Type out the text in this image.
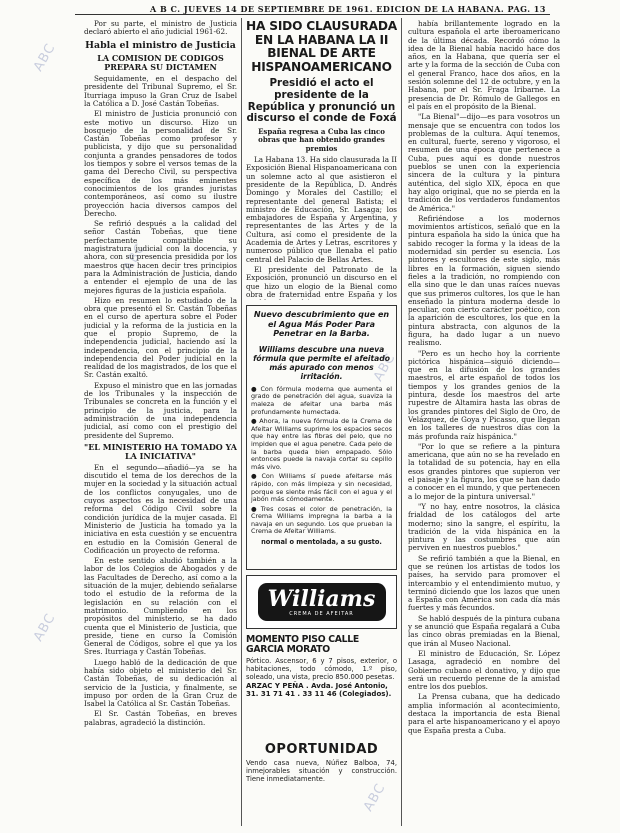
ABC
ABC
ABC
ABC
ABC
A B C. JUEVES 14 DE SEPTIEMBRE DE 1961. EDICION DE LA HABANA. PAG. 13

Por su parte, el ministro de Justicia declaró abierto el año judicial 1961-62.

Habla el ministro de Justicia
LA COMISION DE CODIGOS PREPARA SU DICTAMEN

Seguidamente, en el despacho del presidente del Tribunal Supremo, el Sr. Iturriaga impuso la Gran Cruz de Isabel la Católica a D. José Castán Tobeñas.

El ministro de Justicia pronunció con este motivo un discurso. Hizo un bosquejo de la personalidad de Sr. Castán Tobeñas como profesor y publicista, y dijo que su personalidad conjunta a grandes pensadores de todos los tiempos y sobre el versos temas de la gama del Derecho Civil, su perspectiva específica de los más eminentes conocimientos de los grandes juristas contemporáneos, así como su ilustre proyección hacia diversos campos del Derecho.

Se refirió después a la calidad del señor Castán Tobeñas, que tiene perfectamente compatible su magistratura judicial con la docencia, y ahora, con su presencia presidida por los maestros que hacen decir tres principios para la Administración de Justicia, dando a entender el ejemplo de una de las mejores figuras de la justicia española.

Hizo en resumen lo estudiado de la obra que presentó el Sr. Castán Tobeñas en el curso de apertura sobre el Poder judicial y la reforma de la justicia en la que el propio Supremo, de la independencia judicial, haciendo así la independencia, con el principio de la independencia del Poder judicial en la realidad de los magistrados, de los que el Sr. Castán exaltó.

Expuso el ministro que en las jornadas de los Tribunales y la inspección de Tribunales se concreta en la función y el principio de la justicia, para la administración de una independencia judicial, así como con el prestigio del presidente del Supremo.

"EL MINISTERIO HA TOMADO YA LA INICIATIVA"

En el segundo—añadió—ya se ha discutido el tema de los derechos de la mujer en la sociedad y la situación actual de los conflictos conyugales, uno de cuyos aspectos es la necesidad de una reforma del Código Civil sobre la condición jurídica de la mujer casada. El Ministerio de Justicia ha tomado ya la iniciativa en esta cuestión y se encuentra en estudio en la Comisión General de Codificación un proyecto de reforma.

En este sentido aludió también a la labor de los Colegios de Abogados y de las Facultades de Derecho, así como a la situación de la mujer, debiendo señalarse todo el estudio de la reforma de la legislación en su relación con el matrimonio. Cumpliendo en los propósitos del ministerio, se ha dado cuenta que el Ministerio de Justicia, que preside, tiene en curso la Comisión General de Códigos, sobre el que ya los Sres. Iturriaga y Castán Tobeñas.

Luego habló de la dedicación de que había sido objeto el ministerio del Sr. Castán Tobeñas, de su dedicación al servicio de la Justicia, y finalmente, se impuso por orden de la Gran Cruz de Isabel la Católica al Sr. Castán Tobeñas.

El Sr. Castán Tobeñas, en breves palabras, agradeció la distinción.

HA SIDO CLAUSURADA EN LA HABANA LA II BIENAL DE ARTE HISPANOAMERICANO
Presidió el acto el presidente de la República y pronunció un discurso el conde de Foxá
España regresa a Cuba las cinco obras que han obtenido grandes premios

La Habana 13. Ha sido clausurada la II Exposición Bienal Hispanoamericana con un solemne acto al que asistieron el presidente de la República, D. Andrés Domingo y Morales del Castillo; el representante del general Batista; el ministro de Educación, Sr. Lasaga; los embajadores de España y Argentina, y representantes de las Artes y de la Cultura, así como el presidente de la Academia de Artes y Letras, escritores y numeroso público que llenaba el patio central del Palacio de Bellas Artes.

El presidente del Patronato de la Exposición, pronunció un discurso en el que hizo un elogio de la Bienal como obra de fraternidad entre España y los

Nuevo descubrimiento que en el Agua Más Poder Para Penetrar en la Barba.
Williams descubre una nueva fórmula que permite el afeitado más apurado con menos irritación.
● Con fórmula moderna que aumenta el grado de penetración del agua, suaviza la maleza de afeitar una barba más profundamente humectada.
● Ahora, la nueva fórmula de la Crema de Afeitar Williams suprime los espacios secos que hay entre las fibras del pelo, que no impiden que el agua penetre. Cada pelo de la barba queda bien empapado. Sólo entonces puede la navaja cortar su cepillo más vivo.
● Con Williams sí puede afeitarse más rápido, con más limpieza y sin necesidad, porque se siente más fácil con el agua y el jabón más cómodamente.
● Tres cosas el color de penetración, la Crema Williams impregna la barba a la navaja en un segundo. Los que prueban la Crema de Afeitar Williams.
normal o mentolada, a su gusto.
Williams
CREMA DE AFEITAR
MOMENTO PISO CALLE GARCIA MORATO
Pórtico. Ascensor, 6 y 7 pisos, exterior, o habitaciones, todo cómodo, 1.º piso, soleado, una vista, precio 850.000 pesetas.
ARZAC Y PEÑA . Avda. José Antonio, 31. 31 71 41 . 33 11 46 (Colegiados).
OPORTUNIDAD
Vendo casa nueva, Núñez Balboa, 74, inmejorables situación y construcción. Tiene inmediatamente.

había brillantemente logrado en la cultura española el arte iberoamericano de la última década. Recordó cómo la idea de la Bienal había nacido hace dos años, en la Habana, que quería ser el arte y la forma de la sección de Cuba con el general Franco, hace dos años, en la sesión solemne del 12 de octubre, y en la Habana, por el Sr. Fraga Iribarne. La presencia de Dr. Rómulo de Gallegos en el país en el propósito de la Bienal.

"La Bienal"—dijo—es para vosotros un mensaje que se encuentra con todos los problemas de la cultura. Aquí tenemos, en cultural, fuerte, sereno y vigoroso, el resumen de una época que pertenece a Cuba, pues aquí es donde nuestros pueblos se unen con la experiencia sincera de la cultura y la pintura auténtica, del siglo XIX, época en que hay algo original, que no se pierda en la tradición de los verdaderos fundamentos de América."

Refiriéndose a los modernos movimientos artísticos, señaló que en la pintura española ha sido la única que ha sabido recoger la forma y la ideas de la modernidad sin perder su esencia. Los pintores y escultores de este siglo, más libres en la formación, siguen siendo fieles a la tradición, no rompiendo con ella sino que le dan unas raíces nuevas que sus primeros cultores, los que le han enseñado la pintura moderna desde lo peculiar, con cierto carácter poético, con la aparición de escultores, los que en la pintura abstracta, con algunos de la figura, ha dado lugar a un nuevo realismo.

"Pero es un hecho hoy la corriente pictórica hispánica—siguió diciendo—que en la difusión de los grandes maestros, el arte español de todos los tiempos y los grandes genios de la pintura, desde los maestros del arte rupestre de Altamira hasta las obras de los grandes pintores del Siglo de Oro, de Velázquez, de Goya y Picasso, que llegan en los talleres de nuestros días con la más profunda raíz hispánica."

"Por lo que se refiere a la pintura americana, que aún no se ha revelado en la totalidad de su potencia, hay en ella esos grandes pintores que supieron ver el paisaje y la figura, los que se han dado a conocer en el mundo, y que pertenecen a lo mejor de la pintura universal."

"Y no hay, entre nosotros, la clásica frialdad de los catálogos del arte moderno; sino la sangre, el espíritu, la tradición de la vida hispánica en la pintura y las costumbres que aún perviven en nuestros pueblos."

Se refirió también a que la Bienal, en que se reúnen los artistas de todos los países, ha servido para promover el intercambio y el entendimiento mutuo, y terminó diciendo que los lazos que unen a España con América son cada día más fuertes y más fecundos.

Se habló después de la pintura cubana y se anunció que España regalará a Cuba las cinco obras premiadas en la Bienal, que irán al Museo Nacional.

El ministro de Educación, Sr. López Lasaga, agradeció en nombre del Gobierno cubano el donativo, y dijo que será un recuerdo perenne de la amistad entre los dos pueblos.

La Prensa cubana, que ha dedicado amplia información al acontecimiento, destaca la importancia de esta Bienal para el arte hispanoamericano y el apoyo que España presta a Cuba.
